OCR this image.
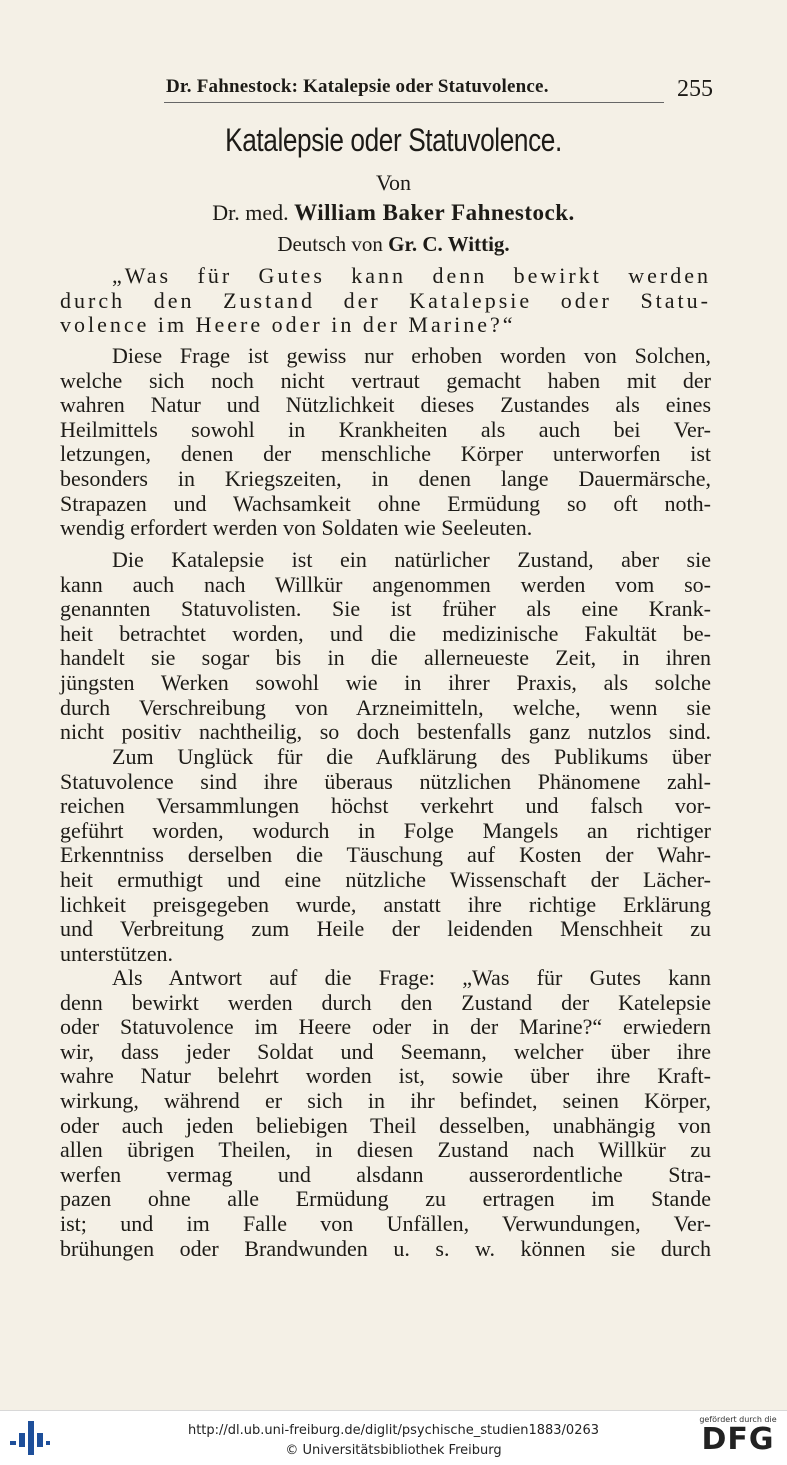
Dr. Fahnestock: Katalepsie oder Statuvolence.	255
Katalepsie oder Statuvolence.
Von
Dr. med. William Baker Fahnestock.
Deutsch von Gr. C. Wittig.
„Was für Gutes kann denn bewirkt werden
durch den Zustand der Katalepsie oder Statu-
volence im Heere oder in der Marine?“
Diese Frage ist gewiss nur erhoben worden von Solchen,
welche sich noch nicht vertraut gemacht haben mit der
wahren Natur und Nützlichkeit dieses Zustandes als eines
Heilmittels sowohl in Krankheiten als auch bei Ver-
letzungen, denen der menschliche Körper unterworfen ist
besonders in Kriegszeiten, in denen lange Dauermärsche,
Strapazen und Wachsamkeit ohne Ermüdung so oft noth-
wendig erfordert werden von Soldaten wie Seeleuten.
Die Katalepsie ist ein natürlicher Zustand, aber sie
kann auch nach Willkür angenommen werden vom so-
genannten Statuvolisten. Sie ist früher als eine Krank-
heit betrachtet worden, und die medizinische Fakultät be-
handelt sie sogar bis in die allerneueste Zeit, in ihren
jüngsten Werken sowohl wie in ihrer Praxis, als solche
durch Verschreibung von Arzneimitteln, welche, wenn sie
nicht positiv nachtheilig, so doch bestenfalls ganz nutzlos sind.
Zum Unglück für die Aufklärung des Publikums über
Statuvolence sind ihre überaus nützlichen Phänomene zahl-
reichen Versammlungen höchst verkehrt und falsch vor-
geführt worden, wodurch in Folge Mangels an richtiger
Erkenntniss derselben die Täuschung auf Kosten der Wahr-
heit ermuthigt und eine nützliche Wissenschaft der Lächer-
lichkeit preisgegeben wurde, anstatt ihre richtige Erklärung
und Verbreitung zum Heile der leidenden Menschheit zu
unterstützen.
Als Antwort auf die Frage: „Was für Gutes kann
denn bewirkt werden durch den Zustand der Katelepsie
oder Statuvolence im Heere oder in der Marine?“ erwiedern
wir, dass jeder Soldat und Seemann, welcher über ihre
wahre Natur belehrt worden ist, sowie über ihre Kraft-
wirkung, während er sich in ihr befindet, seinen Körper,
oder auch jeden beliebigen Theil desselben, unabhängig von
allen übrigen Theilen, in diesen Zustand nach Willkür zu
werfen vermag und alsdann ausserordentliche Stra-
pazen ohne alle Ermüdung zu ertragen im Stande
ist; und im Falle von Unfällen, Verwundungen, Ver-
brühungen oder Brandwunden u. s. w. können sie durch
http://dl.ub.uni-freiburg.de/diglit/psychische_studien1883/0263
© Universitätsbibliothek Freiburg
gefördert durch die
DFG
